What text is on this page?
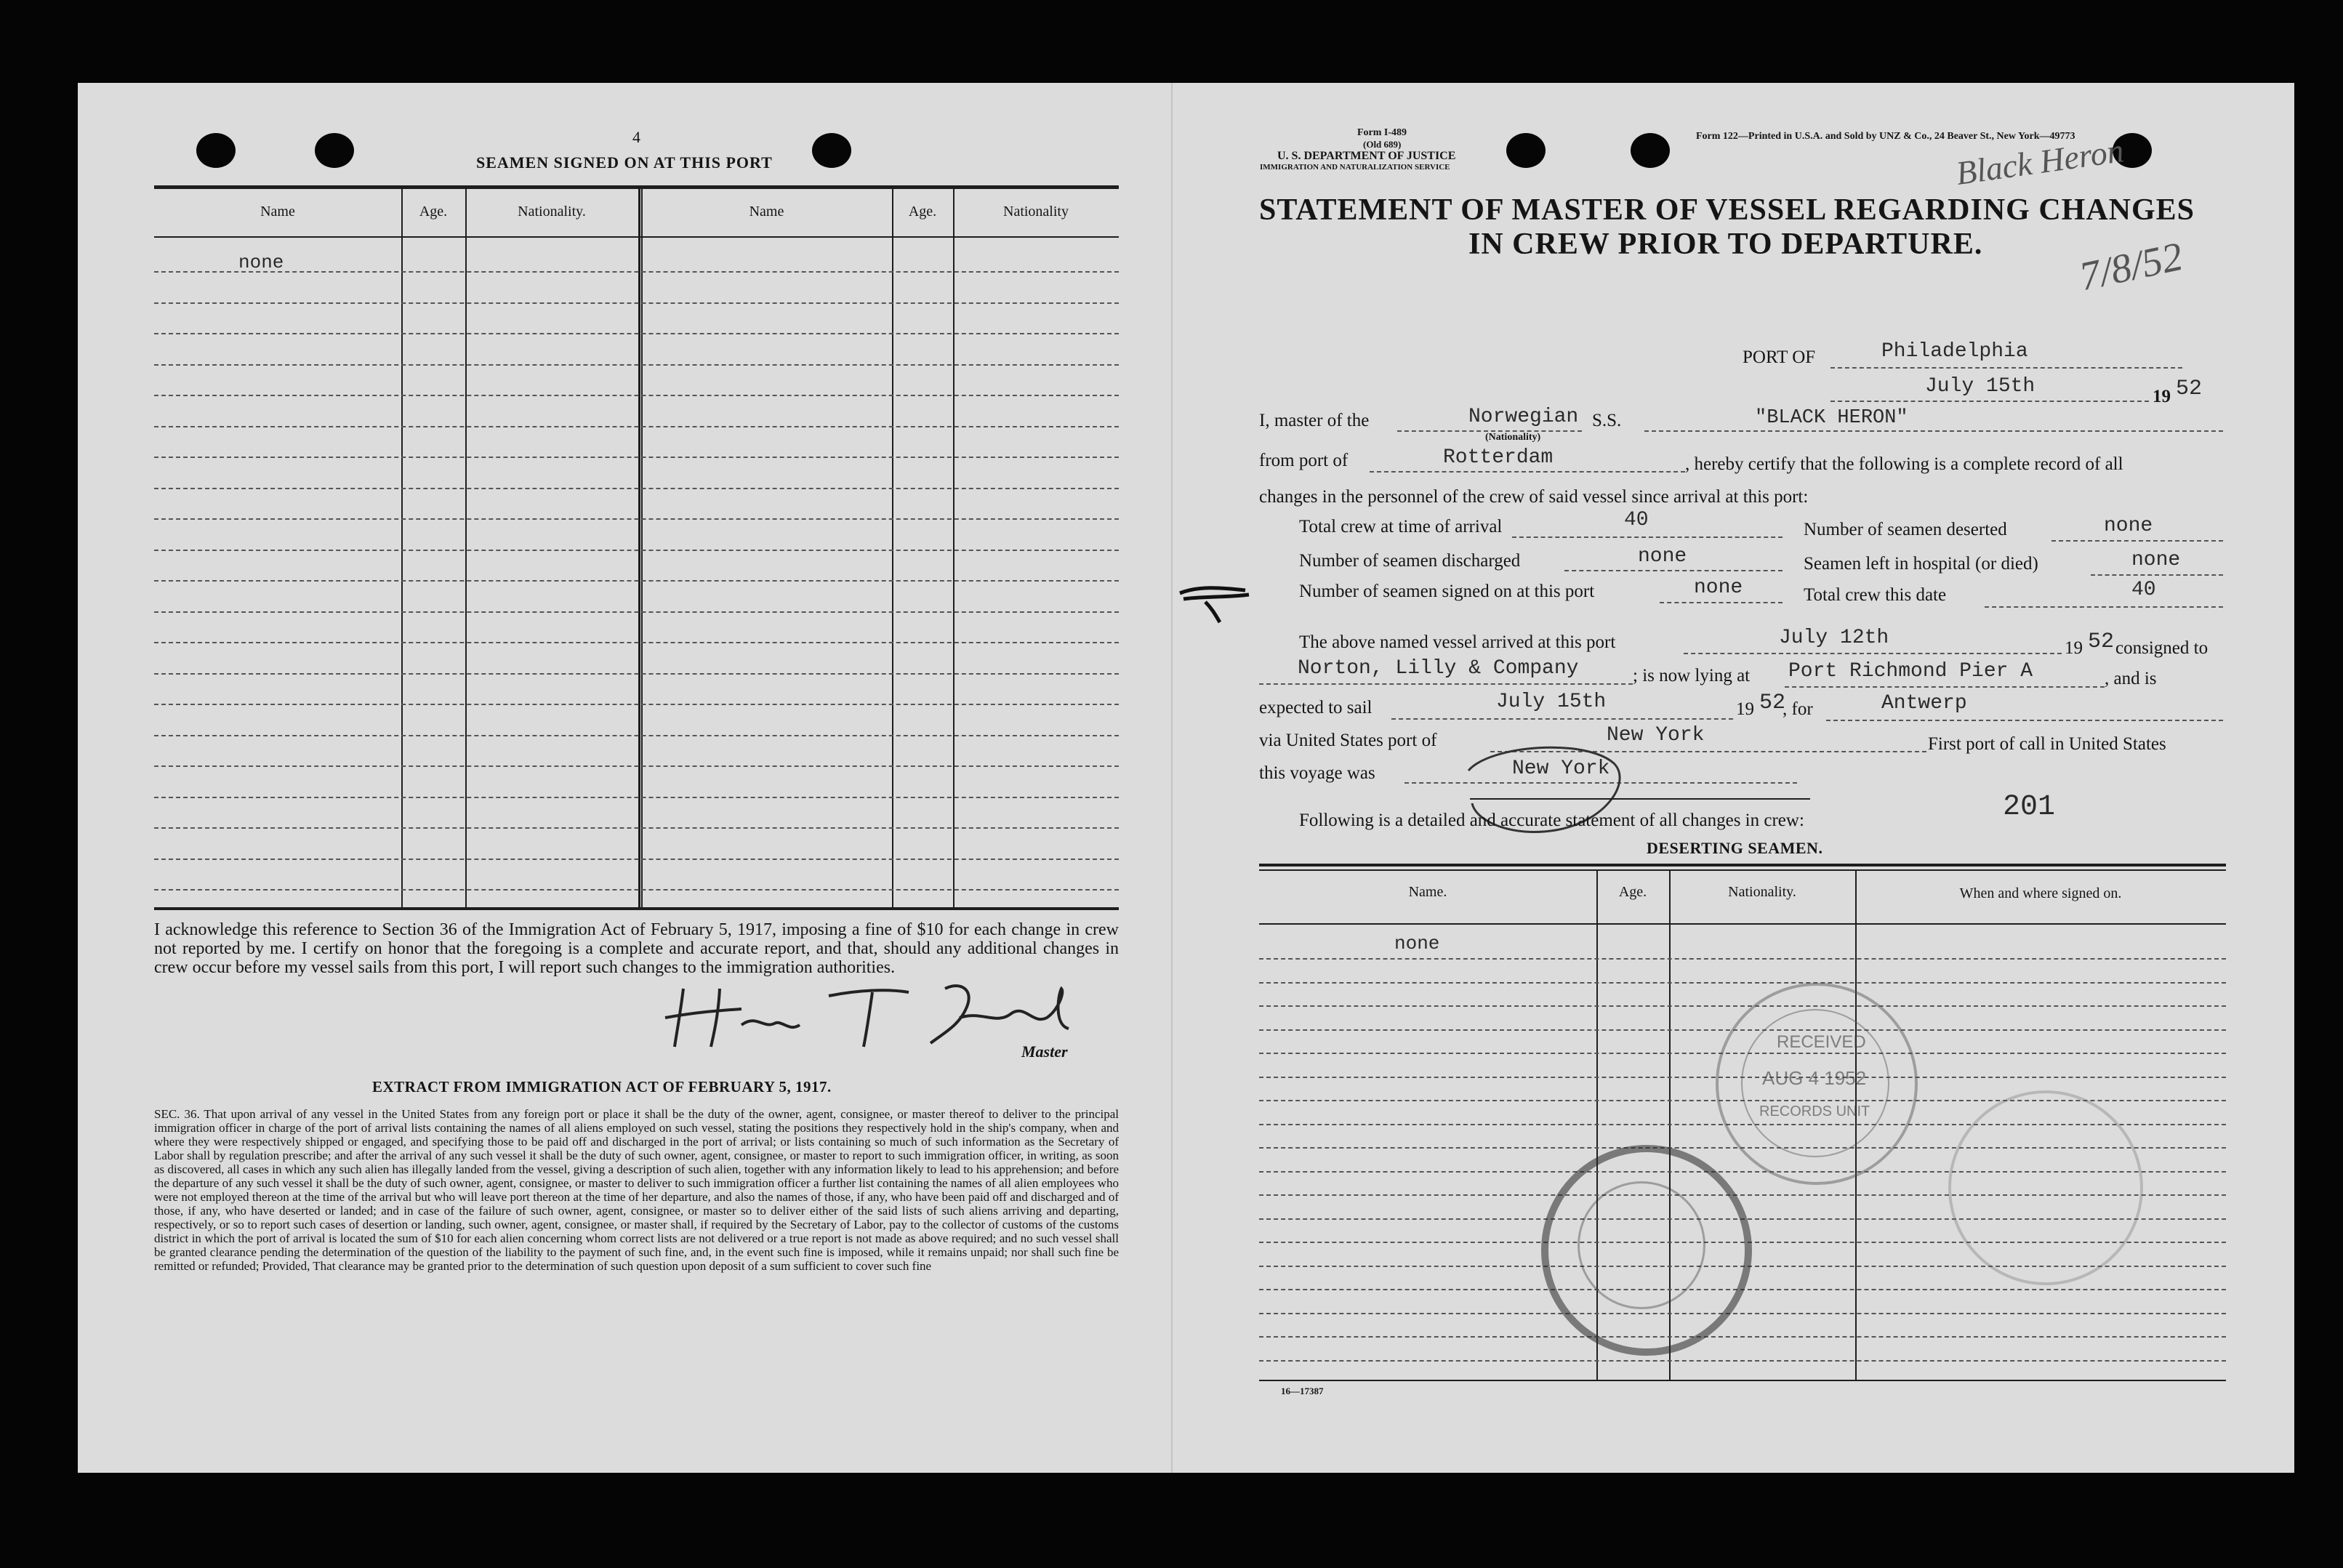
4
SEAMEN SIGNED ON AT THIS PORT
Name	Age.	Nationality.	Name	Age.	Nationality
none
I acknowledge this reference to Section 36 of the Immigration Act of February 5, 1917, imposing a fine of $10 for each change in crew not reported by me. I certify on honor that the foregoing is a complete and accurate report, and that, should any additional changes in crew occur before my vessel sails from this port, I will report such changes to the immigration authorities.
Master
EXTRACT FROM IMMIGRATION ACT OF FEBRUARY 5, 1917.
SEC. 36. That upon arrival of any vessel in the United States from any foreign port or place it shall be the duty of the owner, agent, consignee, or master thereof to deliver to the principal immigration officer in charge of the port of arrival lists containing the names of all aliens employed on such vessel, stating the positions they respectively hold in the ship's company, when and where they were respectively shipped or engaged, and specifying those to be paid off and discharged in the port of arrival; or lists containing so much of such information as the Secretary of Labor shall by regulation prescribe; and after the arrival of any such vessel it shall be the duty of such owner, agent, consignee, or master to report to such immigration officer, in writing, as soon as discovered, all cases in which any such alien has illegally landed from the vessel, giving a description of such alien, together with any information likely to lead to his apprehension; and before the departure of any such vessel it shall be the duty of such owner, agent, consignee, or master to deliver to such immigration officer a further list containing the names of all alien employees who were not employed thereon at the time of the arrival but who will leave port thereon at the time of her departure, and also the names of those, if any, who have been paid off and discharged and of those, if any, who have deserted or landed; and in case of the failure of such owner, agent, consignee, or master so to deliver either of the said lists of such aliens arriving and departing, respectively, or so to report such cases of desertion or landing, such owner, agent, consignee, or master shall, if required by the Secretary of Labor, pay to the collector of customs of the customs district in which the port of arrival is located the sum of $10 for each alien concerning whom correct lists are not delivered or a true report is not made as above required; and no such vessel shall be granted clearance pending the determination of the question of the liability to the payment of such fine, and, in the event such fine is imposed, while it remains unpaid; nor shall such fine be remitted or refunded; Provided, That clearance may be granted prior to the determination of such question upon deposit of a sum sufficient to cover such fine
Form I-489
(Old 689)
U. S. DEPARTMENT OF JUSTICE
IMMIGRATION AND NATURALIZATION SERVICE
Form 122—Printed in U.S.A. and Sold by UNZ & Co., 24 Beaver St., New York—49773
STATEMENT OF MASTER OF VESSEL REGARDING CHANGES
IN CREW PRIOR TO DEPARTURE.
Black Heron
7/8/52
PORT OF	Philadelphia
July 15th	19 52
I, master of the	Norwegian
(Nationality)
S.S.	"BLACK HERON"
from port of	Rotterdam	, hereby certify that the following is a complete record of all
changes in the personnel of the crew of said vessel since arrival at this port:
Total crew at time of arrival	40	Number of seamen deserted	none
Number of seamen discharged	none	Seamen left in hospital (or died)	none
Number of seamen signed on at this port	none	Total crew this date	40
The above named vessel arrived at this port	July 12th	19 52 consigned to
Norton, Lilly & Company	; is now lying at Port Richmond Pier A	, and is
expected to sail	July 15th	19 52
, for	Antwerp
via United States port of	New York	First port of call in United States
this voyage was	New York
201
Following is a detailed and accurate statement of all changes in crew:
DESERTING SEAMEN.
Name.	Age.	Nationality.	When and where signed on.
none
RECEIVED
AUG 4 1952
RECORDS UNIT
16—17387
